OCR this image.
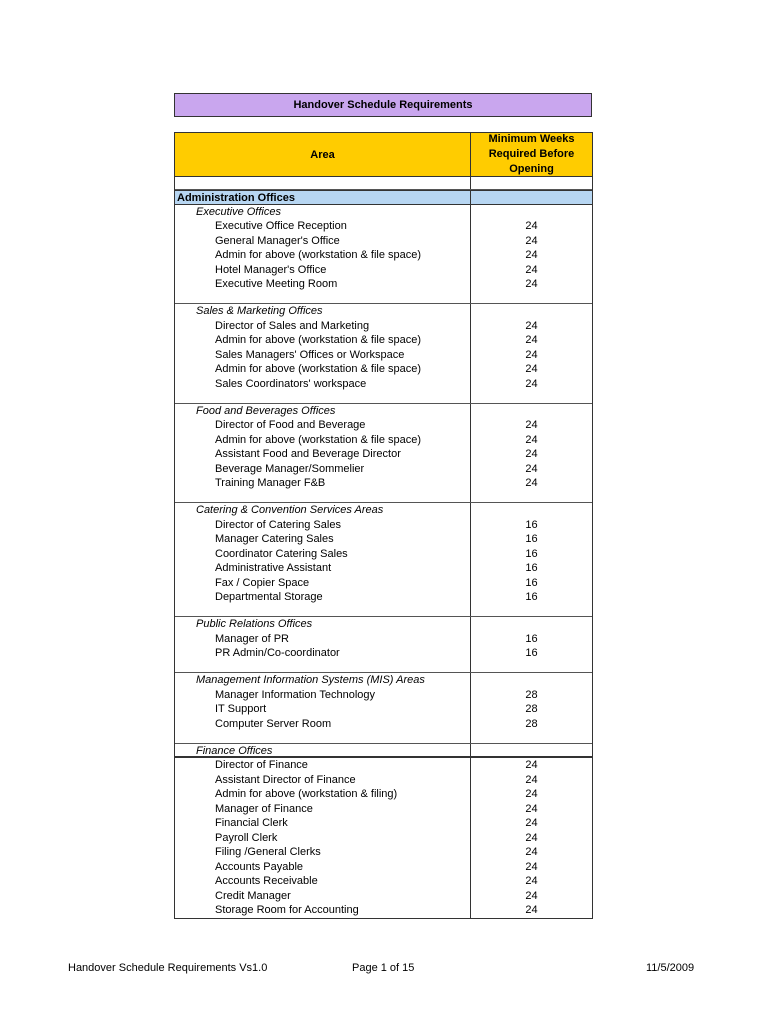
Handover Schedule Requirements
Area
Minimum Weeks Required Before Opening
Administration Offices
Executive Offices
Executive Office Reception	24
General Manager's Office	24
Admin for above (workstation & file space)	24
Hotel Manager's Office	24
Executive Meeting Room	24
Sales & Marketing Offices
Director of Sales and Marketing	24
Admin for above (workstation & file space)	24
Sales Managers' Offices or Workspace	24
Admin for above (workstation & file space)	24
Sales Coordinators' workspace	24
Food and Beverages Offices
Director of Food and Beverage	24
Admin for above (workstation & file space)	24
Assistant Food and Beverage Director	24
Beverage Manager/Sommelier	24
Training Manager F&B	24
Catering & Convention Services Areas
Director of Catering Sales	16
Manager Catering Sales	16
Coordinator Catering Sales	16
Administrative Assistant	16
Fax / Copier Space	16
Departmental Storage	16
Public Relations Offices
Manager of PR	16
PR Admin/Co-coordinator	16
Management Information Systems (MIS) Areas
Manager Information Technology	28
IT Support	28
Computer Server Room	28
Finance Offices
Director of Finance	24
Assistant Director of Finance	24
Admin for above (workstation & filing)	24
Manager of Finance	24
Financial Clerk	24
Payroll Clerk	24
Filing /General Clerks	24
Accounts Payable	24
Accounts Receivable	24
Credit Manager	24
Storage Room for Accounting	24
Handover Schedule Requirements Vs1.0	Page 1 of 15	11/5/2009
